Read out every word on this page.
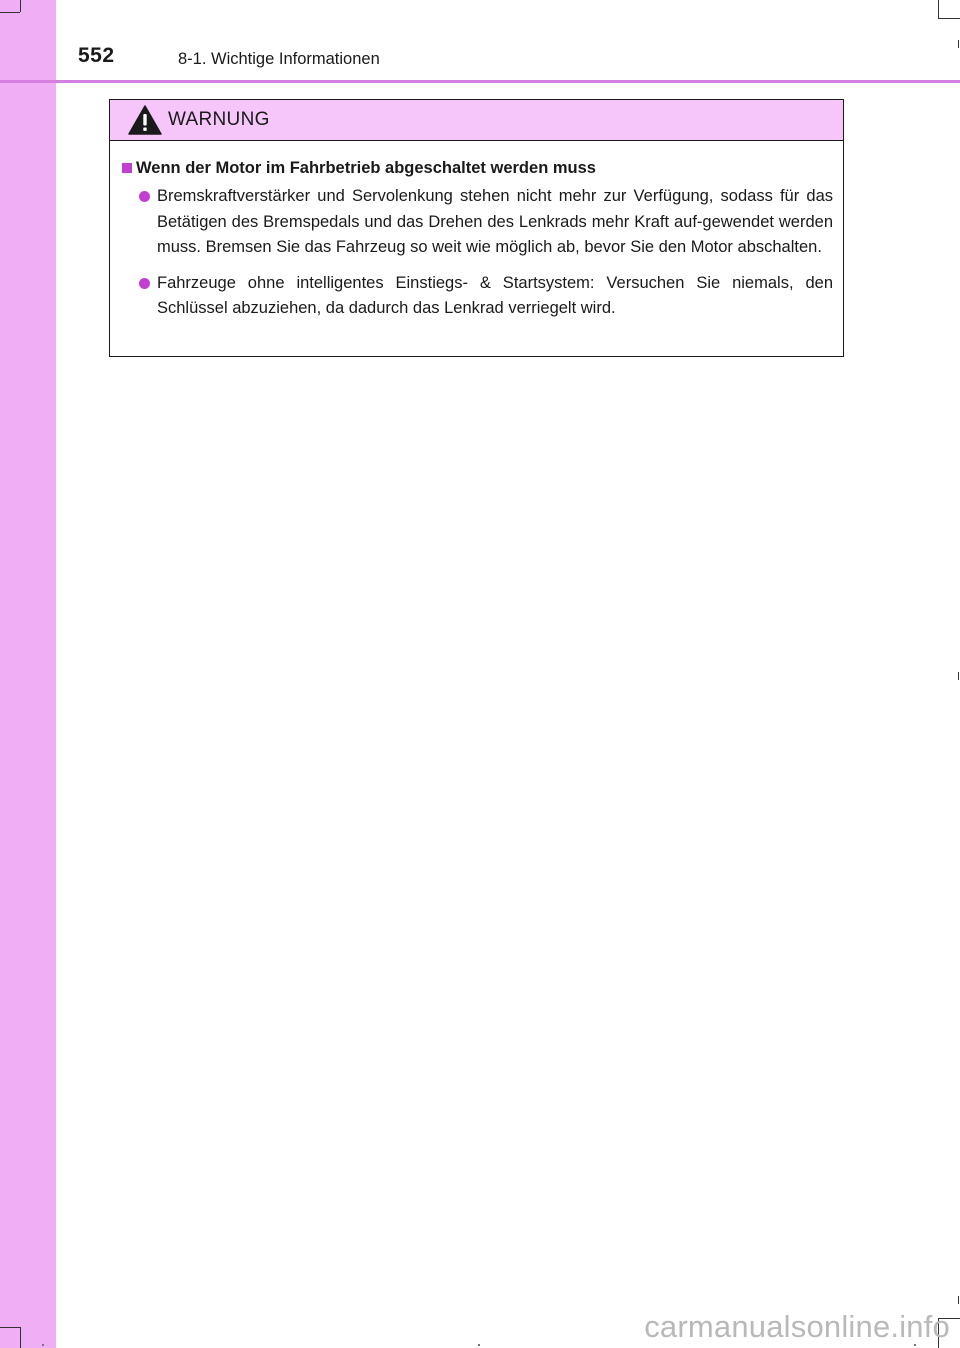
552	8-1. Wichtige Informationen
WARNUNG
Wenn der Motor im Fahrbetrieb abgeschaltet werden muss
Bremskraftverstärker und Servolenkung stehen nicht mehr zur Verfügung, sodass für das Betätigen des Bremspedals und das Drehen des Lenkrads mehr Kraft auf-gewendet werden muss. Bremsen Sie das Fahrzeug so weit wie möglich ab, bevor Sie den Motor abschalten.
Fahrzeuge ohne intelligentes Einstiegs- & Startsystem: Versuchen Sie niemals, den Schlüssel abzuziehen, da dadurch das Lenkrad verriegelt wird.
carmanualsonline.info
